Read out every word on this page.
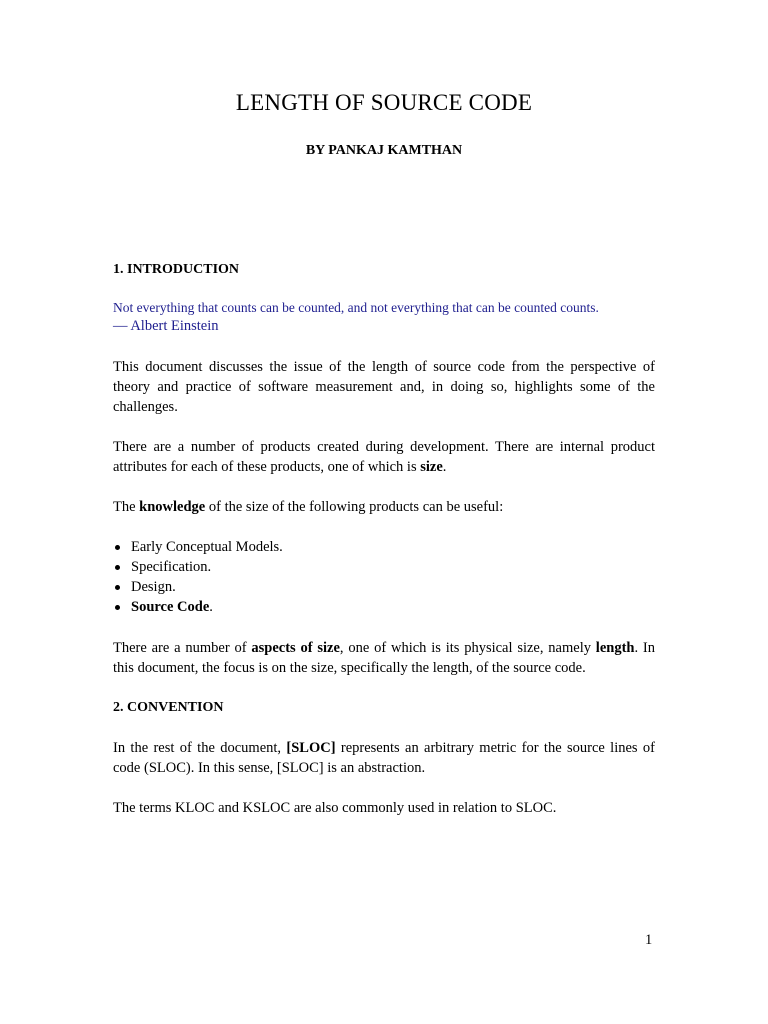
LENGTH OF SOURCE CODE
BY PANKAJ KAMTHAN
1. INTRODUCTION
Not everything that counts can be counted, and not everything that can be counted counts.
— Albert Einstein
This document discusses the issue of the length of source code from the perspective of theory and practice of software measurement and, in doing so, highlights some of the challenges.
There are a number of products created during development. There are internal product attributes for each of these products, one of which is size.
The knowledge of the size of the following products can be useful:
Early Conceptual Models.
Specification.
Design.
Source Code.
There are a number of aspects of size, one of which is its physical size, namely length. In this document, the focus is on the size, specifically the length, of the source code.
2. CONVENTION
In the rest of the document, [SLOC] represents an arbitrary metric for the source lines of code (SLOC). In this sense, [SLOC] is an abstraction.
The terms KLOC and KSLOC are also commonly used in relation to SLOC.
1
